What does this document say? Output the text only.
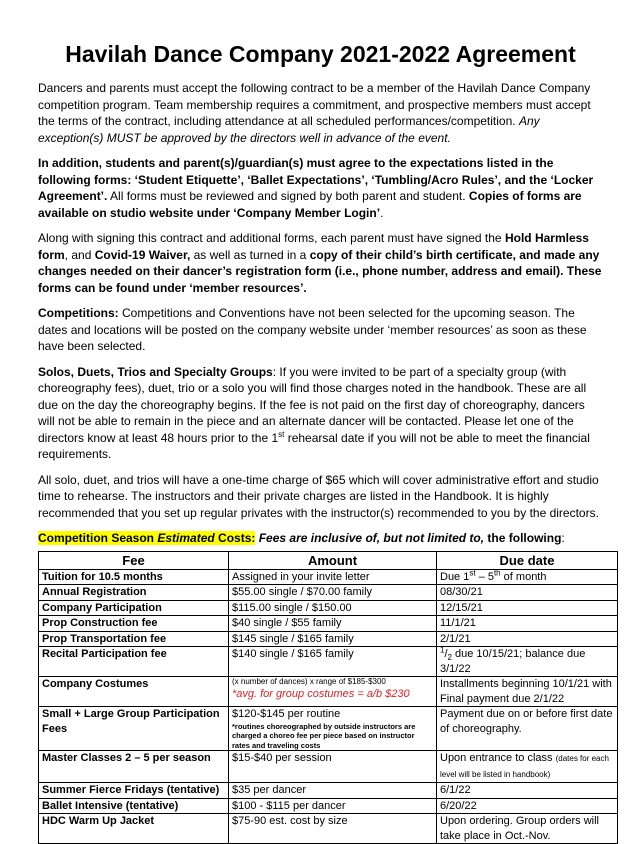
Havilah Dance Company 2021-2022 Agreement

Dancers and parents must accept the following contract to be a member of the Havilah Dance Company competition program. Team membership requires a commitment, and prospective members must accept the terms of the contract, including attendance at all scheduled performances/competition. Any exception(s) MUST be approved by the directors well in advance of the event.

In addition, students and parent(s)/guardian(s) must agree to the expectations listed in the following forms: ‘Student Etiquette’, ‘Ballet Expectations’, ‘Tumbling/Acro Rules’, and the ‘Locker Agreement’. All forms must be reviewed and signed by both parent and student. Copies of forms are available on studio website under ‘Company Member Login’.

Along with signing this contract and additional forms, each parent must have signed the Hold Harmless form, and Covid-19 Waiver, as well as turned in a copy of their child’s birth certificate, and made any changes needed on their dancer’s registration form (i.e., phone number, address and email). These forms can be found under ‘member resources’.

Competitions: Competitions and Conventions have not been selected for the upcoming season. The dates and locations will be posted on the company website under ‘member resources’ as soon as these have been selected.

Solos, Duets, Trios and Specialty Groups: If you were invited to be part of a specialty group (with choreography fees), duet, trio or a solo you will find those charges noted in the handbook. These are all due on the day the choreography begins. If the fee is not paid on the first day of choreography, dancers will not be able to remain in the piece and an alternate dancer will be contacted. Please let one of the directors know at least 48 hours prior to the 1st rehearsal date if you will not be able to meet the financial requirements.

All solo, duet, and trios will have a one-time charge of $65 which will cover administrative effort and studio time to rehearse. The instructors and their private charges are listed in the Handbook. It is highly recommended that you set up regular privates with the instructor(s) recommended to you by the directors.

Competition Season Estimated Costs: Fees are inclusive of, but not limited to, the following:

Fee	Amount	Due date
Tuition for 10.5 months	Assigned in your invite letter	Due 1st – 5th of month
Annual Registration	$55.00 single / $70.00 family	08/30/21
Company Participation	$115.00 single / $150.00	12/15/21
Prop Construction fee	$40 single / $55 family	11/1/21
Prop Transportation fee	$145 single / $165 family	2/1/21
Recital Participation fee	$140 single / $165 family	$^1/_2$ due 10/15/21; balance due 3/1/22
Company Costumes	(x number of dances) x range of $185-$300
*avg. for group costumes = a/b $230	Installments beginning 10/1/21 with Final payment due 2/1/22
Small + Large Group Participation Fees	$120-$145 per routine
*routines choreographed by outside instructors are charged a choreo fee per piece based on instructor rates and traveling costs	Payment due on or before first date of choreography.
Master Classes 2 – 5 per season	$15-$40 per session	Upon entrance to class (dates for each level will be listed in handbook)
Summer Fierce Fridays (tentative)	$35 per dancer	6/1/22
Ballet Intensive (tentative)	$100 - $115 per dancer	6/20/22
HDC Warm Up Jacket	$75-90 est. cost by size	Upon ordering. Group orders will take place in Oct.-Nov.
